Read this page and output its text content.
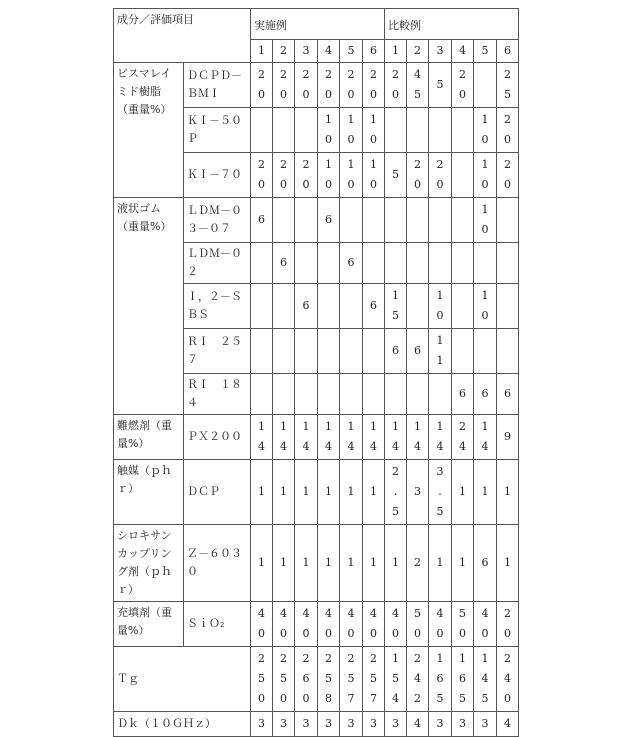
成分／評価項目	実施例	比較例
1	2	3	4	5	6	1	2	3	4	5	6
ビスマレイミド樹脂（重量%）	ＤＣＰＤ－ＢＭＩ	
2
0

2
0

2
0

2
0

2
0

2
0

2
0

4
5

5

2
0

2
5

ＫＩ－５０Ｐ				
1
0

1
0

1
0

1
0

2
0

ＫＩ－７０	
2
0

2
0

2
0

1
0

1
0

1
0

5

2
0

2
0

1
0

2
0

液状ゴム（重量%）	ＬＤＭ－０３－０７	
6			6

1
0

ＬＤＭ－０２		
6			6

Ｉ，２－ＳＢＳ			
6			6

1
5

1
0

1
0

ＲＩ　２５７							
6	6

1
1

ＲＩ　１８４										
6	6	6

難燃剤（重量%）	ＰＸ２００	
1
4

1
4

1
4

1
4

1
4

1
4

1
4

1
4

1
4

2
4

1
4

9

触媒（ｐｈｒ）	ＤＣＰ	1	1	1	1	1	1

2
.
5

3

3
.
5

1	1	1

シロキサンカップリング剤（ｐｈｒ）	Ｚ－６０３０	
1	1	1	1	1	1	1	2	1	1	6	1

充填剤（重量%）	ＳｉＯ₂	
4
0

4
0

4
0

4
0

4
0

4
0

4
0

5
0

4
0

5
0

4
0

2
0

Ｔｇ	
2
5
0

2
5
0

2
6
0

2
5
8

2
5
7

2
5
7

1
5
4

2
4
2

1
6
5

1
6
5

1
4
5

2
4
0

Ｄｋ（１０ＧＨｚ）	3	3	3	3	3	3	3	4	3	3	3	4
